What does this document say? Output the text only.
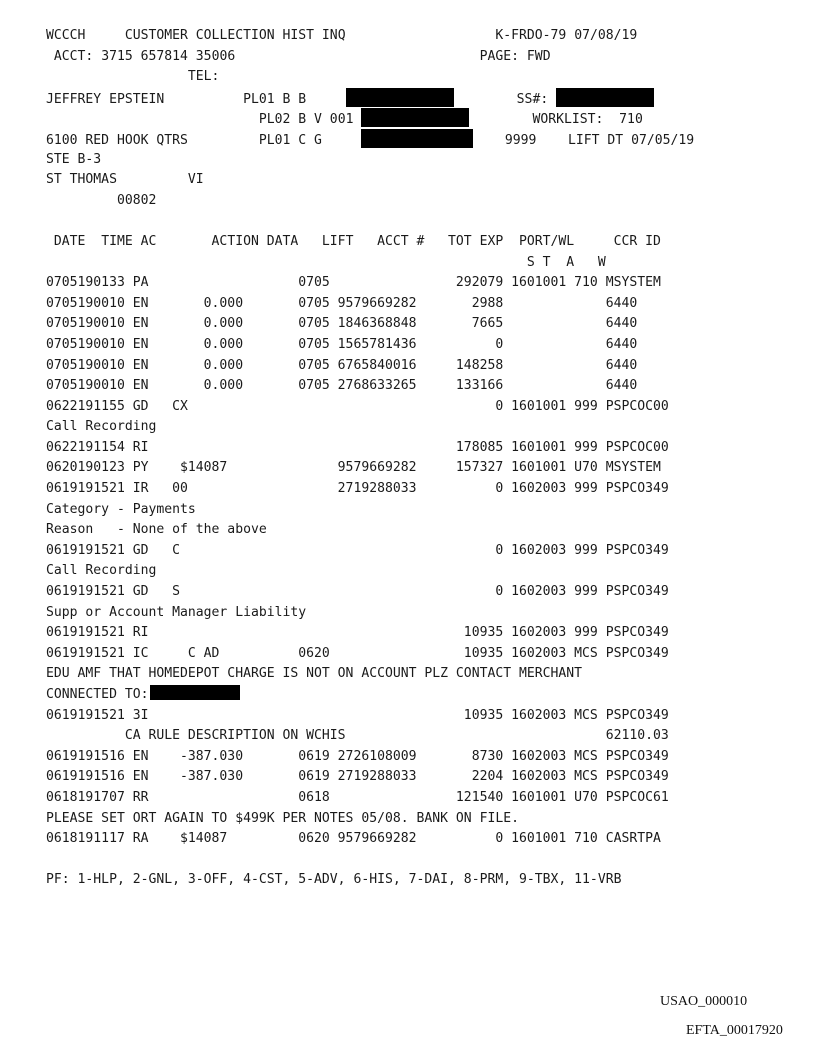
WCCCH	CUSTOMER COLLECTION HIST INQ	K-FRDO-79 07/08/19
ACCT: 3715 657814 35006	PAGE: FWD
TEL:
JEFFREY EPSTEIN	PL01 B B	SS#:
PL02 B V 001	WORKLIST: 710
6100 RED HOOK QTRS	PL01 C G	9999 LIFT DT 07/05/19
STE B-3
ST THOMAS	VI
00802

DATE  TIME AC       ACTION DATA   LIFT   ACCT #   TOT EXP  PORT/WL     CCR ID
S T  A   W
0705190133 PA                   0705                292079 1601001 710 MSYSTEM
0705190010 EN       0.000       0705 9579669282       2988             6440
0705190010 EN       0.000       0705 1846368848       7665             6440
0705190010 EN       0.000       0705 1565781436          0             6440
0705190010 EN       0.000       0705 6765840016     148258             6440
0705190010 EN       0.000       0705 2768633265     133166             6440
0622191155 GD   CX                                       0 1601001 999 PSPCOC00
Call Recording
0622191154 RI                                       178085 1601001 999 PSPCOC00
0620190123 PY    $14087              9579669282     157327 1601001 U70 MSYSTEM
0619191521 IR   00                   2719288033          0 1602003 999 PSPCO349
Category - Payments
Reason   - None of the above
0619191521 GD   C                                        0 1602003 999 PSPCO349
Call Recording
0619191521 GD   S                                        0 1602003 999 PSPCO349
Supp or Account Manager Liability
0619191521 RI                                        10935 1602003 999 PSPCO349
0619191521 IC     C AD          0620                 10935 1602003 MCS PSPCO349
EDU AMF THAT HOMEDEPOT CHARGE IS NOT ON ACCOUNT PLZ CONTACT MERCHANT
CONNECTED TO:
0619191521 3I                                        10935 1602003 MCS PSPCO349
CA RULE DESCRIPTION ON WCHIS                                 62110.03
0619191516 EN    -387.030       0619 2726108009       8730 1602003 MCS PSPCO349
0619191516 EN    -387.030       0619 2719288033       2204 1602003 MCS PSPCO349
0618191707 RR                   0618                121540 1601001 U70 PSPCOC61
PLEASE SET ORT AGAIN TO $499K PER NOTES 05/08. BANK ON FILE.
0618191117 RA    $14087         0620 9579669282          0 1601001 710 CASRTPA

PF: 1-HLP, 2-GNL, 3-OFF, 4-CST, 5-ADV, 6-HIS, 7-DAI, 8-PRM, 9-TBX, 11-VRB
USAO_000010
EFTA_00017920
